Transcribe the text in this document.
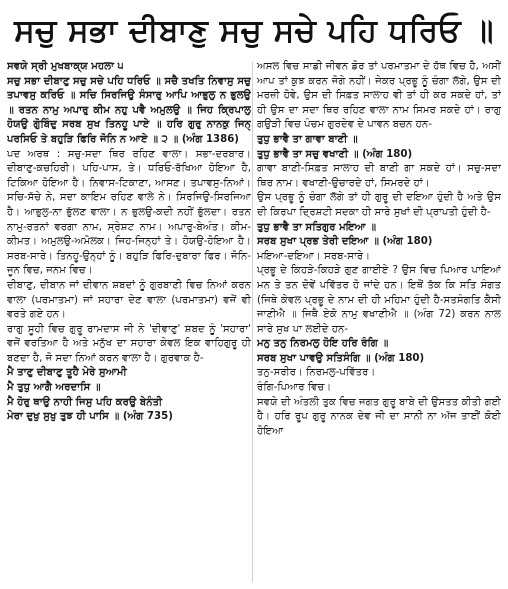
ਸਚੁ ਸਭਾ ਦੀਬਾਣੁ ਸਚੁ ਸਚੇ ਪਹਿ ਧਰਿਓ ॥

ਸਵਯੇ ਸ੍ਰੀ ਮੁਖਬਾਕ੍ਯ ਮਹਲਾ ੫

ਸਚੁ ਸਭਾ ਦੀਬਾਣੁ ਸਚੁ ਸਚੇ ਪਹਿ ਧਰਿਓ ॥ ਸਚੈ ਤਖਤਿ ਨਿਵਾਸੁ ਸਚੁ ਤਪਾਵਸੁ ਕਰਿਓ ॥ ਸਚਿ ਸਿਰਜਿਉ ਸੰਸਾਰੁ ਆਪਿ ਆਭੁਲੁ ਨ ਭੁਲਉ ॥ ਰਤਨ ਨਾਮੁ ਅਪਾਰੁ ਕੀਮ ਨਹੁ ਪਵੈ ਅਮੁਲਉ ॥ ਜਿਹ ਕ੍ਰਿਪਾਲੁ ਹੋਯਉ ਗੋੁਬਿੰਦੁ ਸਰਬ ਸੁਖ ਤਿਨਹੂ ਪਾਏ ॥ ਹਰਿ ਗੁਰੁ ਨਾਨਕੁ ਜਿਨੑ ਪਰਸਿਓ ਤੇ ਬਹੁੜਿ ਫਿਰਿ ਜੋਨਿ ਨ ਆਏ ॥ ੨ ॥ (ਅੰਗ 1386)

ਪਦ ਅਰਥ : ਸਚੁ-ਸਦਾ ਥਿਰ ਰਹਿਣ ਵਾਲਾ। ਸਭਾ-ਦਰਬਾਰ। ਦੀਬਾਣੁ-ਕਚਹਿਰੀ। ਪਹਿ-ਪਾਸ, ਤੇ। ਧਰਿਓ-ਰੱਖਿਆ ਹੋਇਆ ਹੈ, ਟਿਕਿਆ ਹੋਇਆ ਹੈ। ਨਿਵਾਸ-ਟਿਕਾਣਾ, ਆਸਣ। ਤਪਾਵਸੁ-ਨਿਆਂ। ਸਚਿ-ਸੱਚੇ ਨੇ, ਸਦਾ ਕਾਇਮ ਰਹਿਣ ਵਾਲੇ ਨੇ। ਸਿਰਜਿਉ-ਸਿਰਜਿਆ ਹੈ। ਆਭੁਲੁ-ਨਾ ਭੁੱਲਣ ਵਾਲਾ। ਨ ਭੁਲਉ-ਕਦੀ ਨਹੀਂ ਭੁੱਲਦਾ। ਰਤਨ ਨਾਮੁ-ਰਤਨਾਂ ਵਰਗਾ ਨਾਮ, ਸ੍ਰੇਸ਼ਟ ਨਾਮ। ਅਪਾਰੁ-ਬੇਅੰਤ। ਕੀਮ-ਕੀਮਤ। ਅਮੁਲਉ-ਅਮੋਲਕ। ਜਿਹ-ਜਿਨ੍ਹਾਂ ਤੇ। ਹੋਯਉ-ਹੋਇਆ ਹੈ। ਸਰਬ-ਸਾਰੇ। ਤਿਨਹੂ-ਉਨ੍ਹਾਂ ਨੂੰ। ਬਹੁੜਿ ਫਿਰਿ-ਦੁਬਾਰਾ ਫਿਰ। ਜੋਨਿ-ਜੂਨ ਵਿਚ, ਜਨਮ ਵਿਚ।

ਦੀਬਾਣੁ, ਦੀਬਾਨ ਜਾਂ ਦੀਵਾਨ ਸ਼ਬਦਾਂ ਨੂੰ ਗੁਰਬਾਣੀ ਵਿਚ ਨਿਆਂ ਕਰਨ ਵਾਲਾ (ਪਰਮਾਤਮਾ) ਜਾਂ ਸਹਾਰਾ ਦੇਣ ਵਾਲਾ (ਪਰਮਾਤਮਾ) ਵਜੋਂ ਵੀ ਵਰਤੇ ਗਏ ਹਨ।

ਰਾਗੁ ਸੂਹੀ ਵਿਚ ਗੁਰੂ ਰਾਮਦਾਸ ਜੀ ਨੇ 'ਦੀਵਾਣੁ' ਸ਼ਬਦ ਨੂੰ 'ਸਹਾਰਾ' ਵਜੋਂ ਵਰਤਿਆ ਹੈ ਅਤੇ ਮਨੁੱਖ ਦਾ ਸਹਾਰਾ ਕੇਵਲ ਇਕ ਵਾਹਿਗੁਰੂ ਹੀ ਬਣਦਾ ਹੈ, ਜੋ ਸਦਾ ਨਿਆਂ ਕਰਨ ਵਾਲਾ ਹੈ। ਗੁਰਵਾਕ ਹੈ-

ਮੈ ਤਾਣੁ ਦੀਬਾਣੁ ਤੂਹੈ ਮੇਰੇ ਸੁਆਮੀ
ਮੈ ਤੁਧੁ ਆਗੈ ਅਰਦਾਸਿ ॥
ਮੈ ਹੋਰੁ ਥਾਉ ਨਾਹੀ ਜਿਸੁ ਪਹਿ ਕਰਉ ਬੇਨੰਤੀ
ਮੇਰਾ ਦੁਖੁ ਸੁਖੁ ਤੁਝ ਹੀ ਪਾਸਿ ॥ (ਅੰਗ 735)

ਅਸਲ ਵਿਚ ਸਾਡੀ ਜੀਵਨ ਡੋਰ ਤਾਂ ਪਰਮਾਤਮਾ ਦੇ ਹੱਥ ਵਿਚ ਹੈ, ਅਸੀਂ ਆਪ ਤਾਂ ਕੁਝ ਕਰਨ ਜੋਗੇ ਨਹੀਂ। ਜੇਕਰ ਪ੍ਰਭੂ ਨੂੰ ਚੰਗਾ ਲੱਗੇ, ਉਸ ਦੀ ਮਰਜ਼ੀ ਹੋਵੇ, ਉਸ ਦੀ ਸਿਫ਼ਤ ਸਾਲਾਹ ਵੀ ਤਾਂ ਹੀ ਕਰ ਸਕਦੇ ਹਾਂ, ਤਾਂ ਹੀ ਉਸ ਦਾ ਸਦਾ ਥਿਰ ਰਹਿਣ ਵਾਲਾ ਨਾਮ ਸਿਮਰ ਸਕਦੇ ਹਾਂ। ਰਾਗੁ ਗਉੜੀ ਵਿਚ ਪੰਚਮ ਗੁਰਦੇਵ ਦੇ ਪਾਵਨ ਬਚਨ ਹਨ-

ਤੁਧੁ ਭਾਵੈ ਤਾ ਗਾਵਾ ਬਾਣੀ ॥
ਤੁਧੁ ਭਾਵੈ ਤਾ ਸਚੁ ਵਖਾਣੀ ॥ (ਅੰਗ 180)

ਗਾਵਾ ਬਾਣੀ-ਸਿਫ਼ਤ ਸਾਲਾਹ ਦੀ ਬਾਣੀ ਗਾ ਸਕਦੇ ਹਾਂ। ਸਚੁ-ਸਦਾ ਥਿਰ ਨਾਮ। ਵਖਾਣੀ-ਉਚਾਰਦੇ ਹਾਂ, ਸਿਮਰਦੇ ਹਾਂ।

ਉਸ ਪ੍ਰਭੂ ਨੂੰ ਚੰਗਾ ਲੱਗੇ ਤਾਂ ਹੀ ਗੁਰੂ ਦੀ ਦਇਆ ਹੁੰਦੀ ਹੈ ਅਤੇ ਉਸ ਦੀ ਕਿਰਪਾ ਦ੍ਰਿਸ਼ਟੀ ਸਦਕਾ ਹੀ ਸਾਰੇ ਸੁਖਾਂ ਦੀ ਪ੍ਰਾਪਤੀ ਹੁੰਦੀ ਹੈ-

ਤੁਧੁ ਭਾਵੈ ਤਾ ਸਤਿਗੁਰ ਮਇਆ ॥
ਸਰਬ ਸੁਖਾ ਪ੍ਰਭ ਤੇਰੀ ਦਇਆ ॥ (ਅੰਗ 180)

ਮਇਆ-ਦਇਆ। ਸਰਬ-ਸਾਰੇ।

ਪ੍ਰਭੂ ਦੇ ਕਿਹੜੇ-ਕਿਹੜੇ ਗੁਣ ਗਾਈਏ ? ਉਸ ਵਿਚ ਪਿਆਰ ਪਾਇਆਂ ਮਨ ਤੇ ਤਨ ਦੋਵੇਂ ਪਵਿੱਤਰ ਹੋ ਜਾਂਦੇ ਹਨ। ਇਥੋਂ ਤੱਕ ਕਿ ਸਤਿ ਸੰਗਤ (ਜਿਥੇ ਕੇਵਲ ਪ੍ਰਭੂ ਦੇ ਨਾਮ ਦੀ ਹੀ ਮਹਿਮਾ ਹੁੰਦੀ ਹੈ-ਸਤਸੰਗਤਿ ਕੈਸੀ ਜਾਣੀਐ ॥ ਜਿਥੈ ਏਕੋ ਨਾਮੁ ਵਖਾਣੀਐ ॥ (ਅੰਗ 72) ਕਰਨ ਨਾਲ ਸਾਰੇ ਸੁਖ ਪਾ ਲਈਦੇ ਹਨ-

ਮਨੁ ਤਨੁ ਨਿਰਮਲੁ ਹੋਇ ਹਰਿ ਰੰਗਿ ॥
ਸਰਬ ਸੁਖਾ ਪਾਵਉ ਸਤਿਸੰਗਿ ॥ (ਅੰਗ 180)
ਤਨੁ-ਸਰੀਰ। ਨਿਰਮਲੁ-ਪਵਿੱਤਰ।
ਰੰਗਿ-ਪਿਆਰ ਵਿਚ।

ਸਵਯੇ ਦੀ ਅੰਤਲੀ ਤੁਕ ਵਿਚ ਜਗਤ ਗੁਰੂ ਬਾਬੇ ਦੀ ਉਸਤਤ ਕੀਤੀ ਗਈ ਹੈ। ਹਰਿ ਰੂਪ ਗੁਰੂ ਨਾਨਕ ਦੇਵ ਜੀ ਦਾ ਸਾਨੀ ਨਾ ਅੱਜ ਤਾਈਂ ਕੋਈ ਹੋਇਆ
